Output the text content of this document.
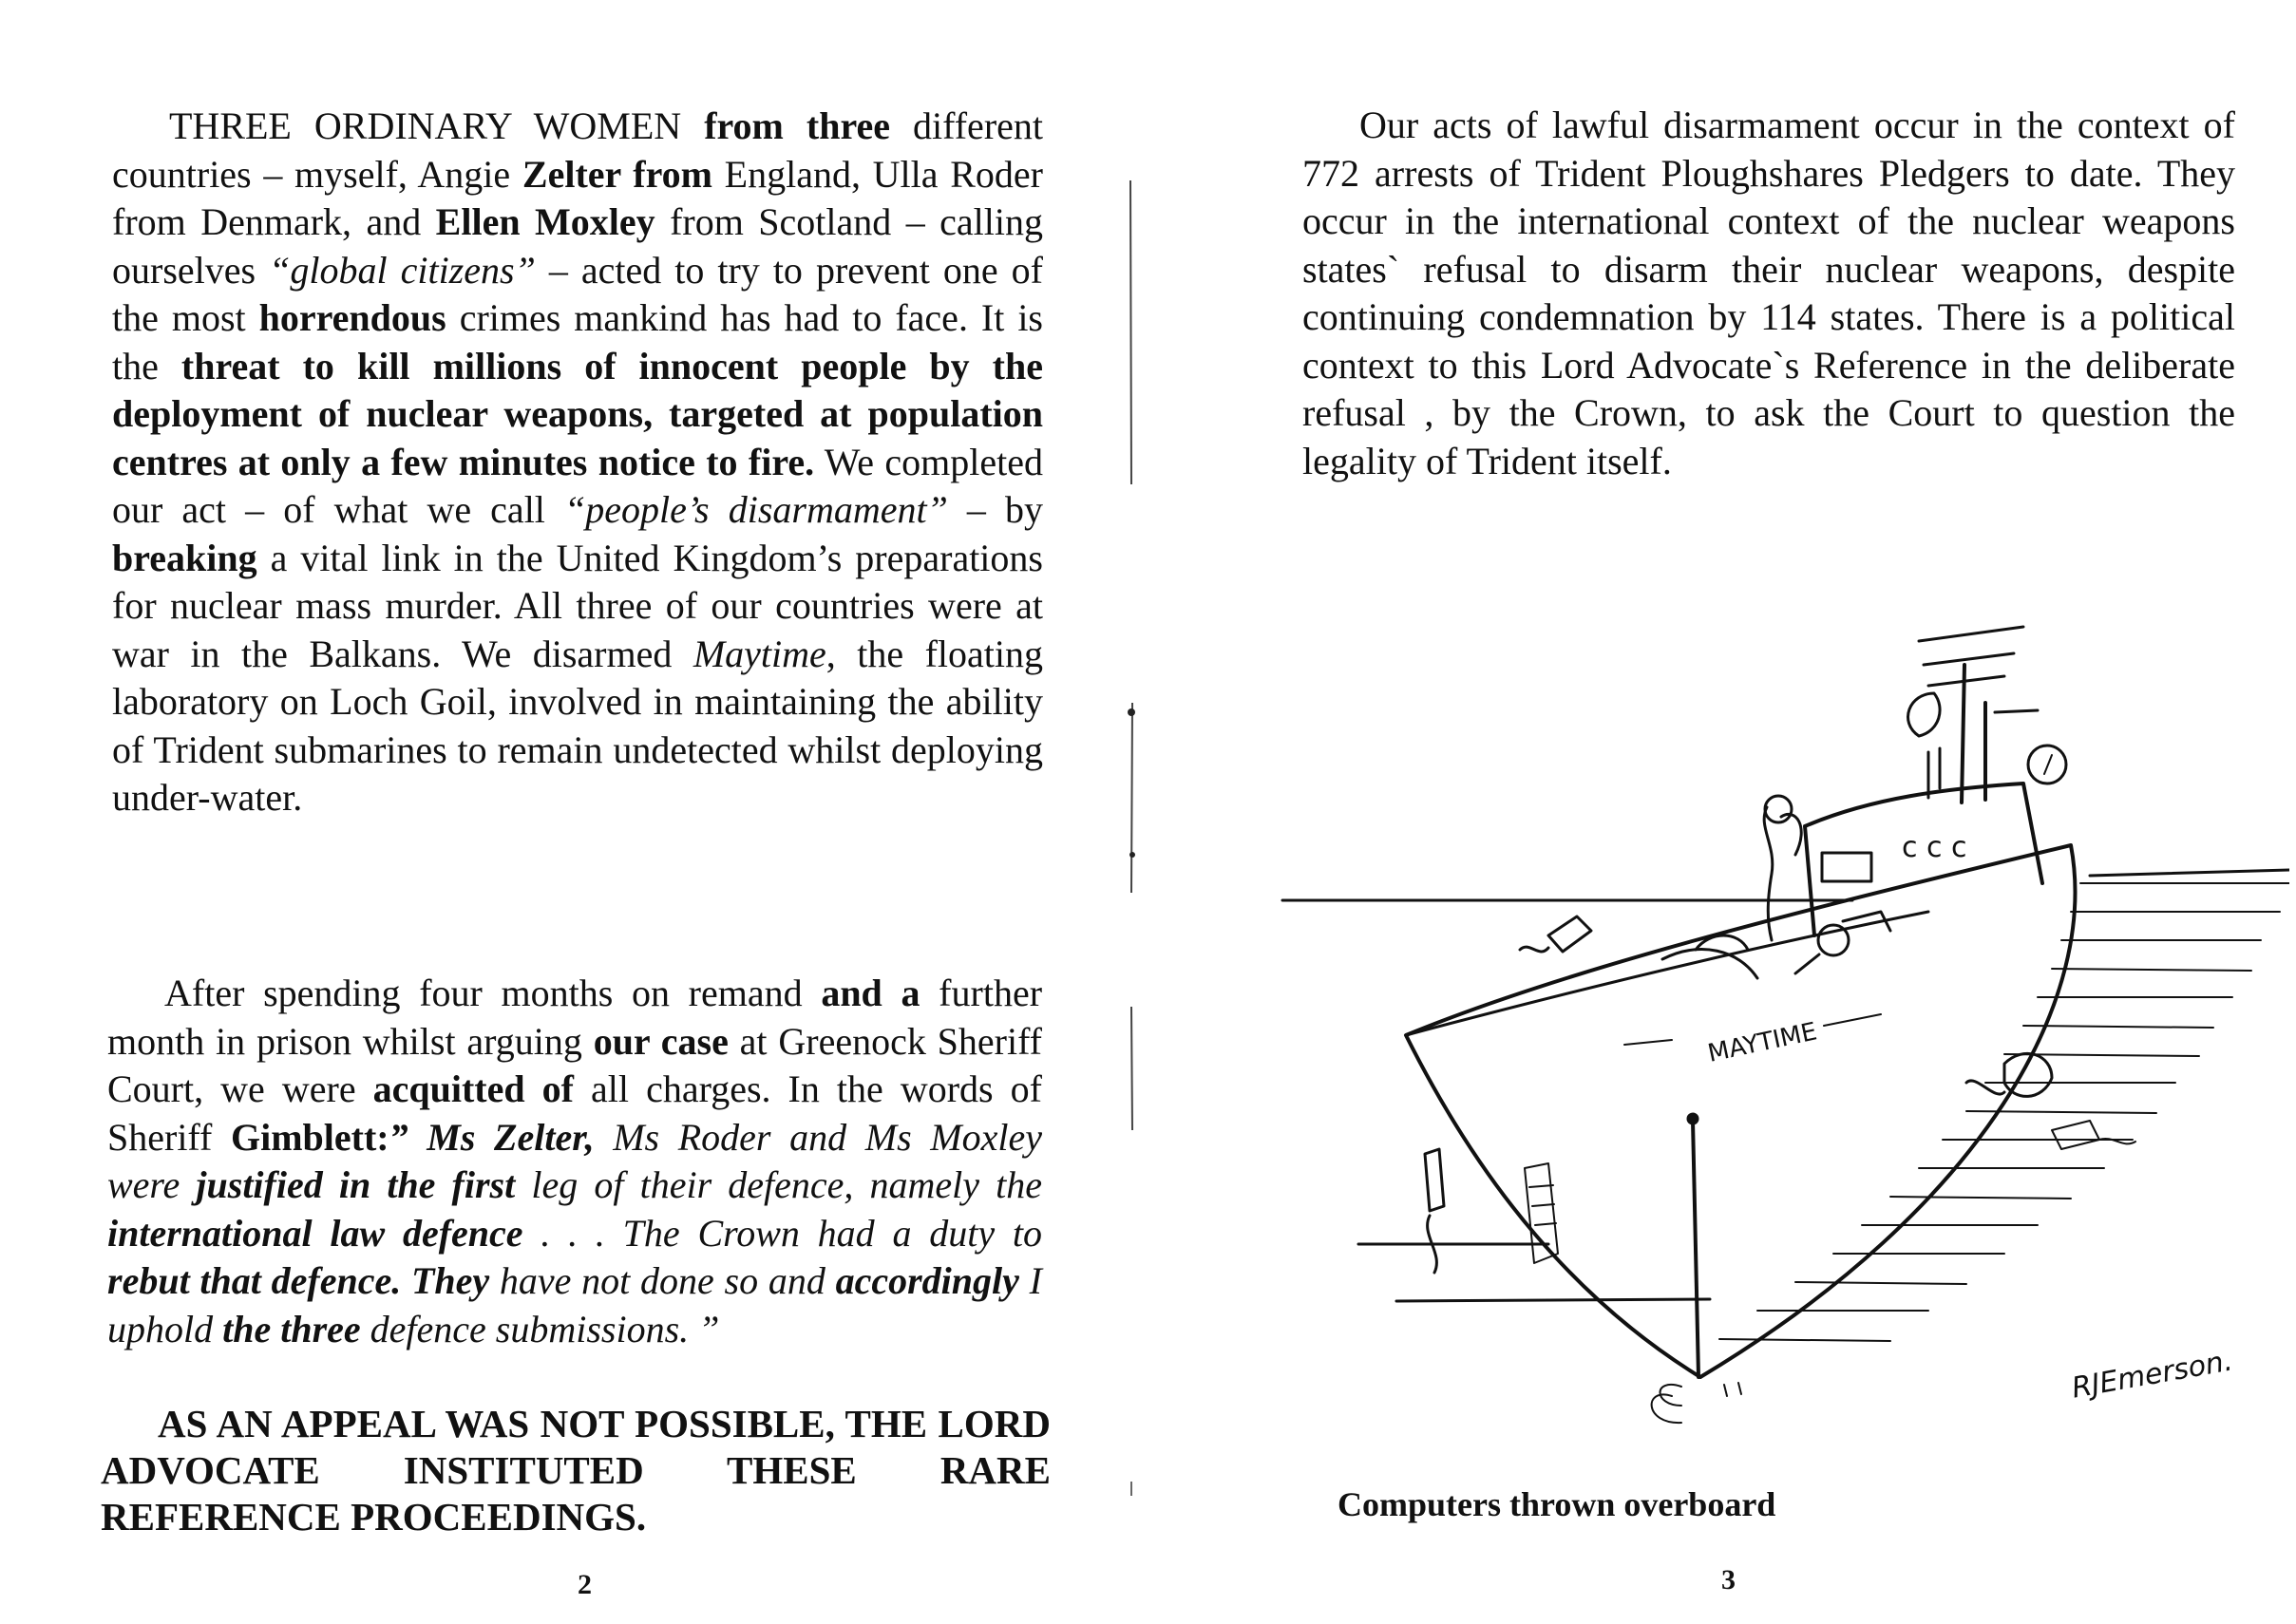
THREE ORDINARY WOMEN from three different countries – myself, Angie Zelter from England, Ulla Roder from Denmark, and Ellen Moxley from Scotland – calling ourselves “global citizens” – acted to try to prevent one of the most horrendous crimes mankind has had to face. It is the threat to kill millions of innocent people by the deployment of nuclear weapons, targeted at population centres at only a few minutes notice to fire. We completed our act – of what we call “people’s disarmament” – by breaking a vital link in the United Kingdom’s preparations for nuclear mass murder. All three of our countries were at war in the Balkans. We disarmed Maytime, the floating laboratory on Loch Goil, involved in maintaining the ability of Trident submarines to remain undetected whilst deploying under-water.

After spending four months on remand and a further month in prison whilst arguing our case at Greenock Sheriff Court, we were acquitted of all charges. In the words of Sheriff Gimblett:” Ms Zelter, Ms Roder and Ms Moxley were justified in the first leg of their defence, namely the international law defence . . . The Crown had a duty to rebut that defence. They have not done so and accordingly I uphold the three defence submissions. ”

AS AN APPEAL WAS NOT POSSIBLE, THE LORD ADVOCATE INSTITUTED THESE RARE REFERENCE PROCEEDINGS.

2

Our acts of lawful disarmament occur in the context of 772 arrests of Trident Ploughshares Pledgers to date. They occur in the international context of the nuclear weapons states` refusal to disarm their nuclear weapons, despite continuing condemnation by 114 states. There is a political context to this Lord Advocate`s Reference in the deliberate refusal , by the Crown, to ask the Court to question the legality of Trident itself.

c c c
MAYTIME
RJEmerson.
Computers thrown overboard
3
